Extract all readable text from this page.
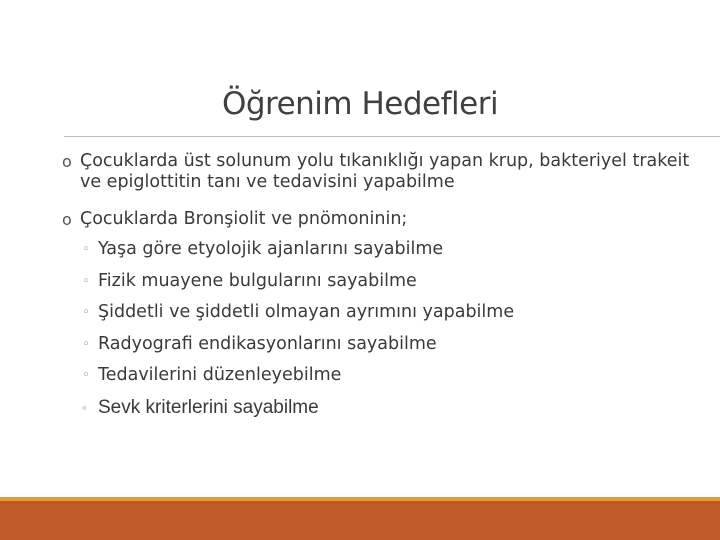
Öğrenim Hedefleri
o Çocuklarda üst solunum yolu tıkanıklığı yapan krup, bakteriyel trakeit ve epiglottitin tanı ve tedavisini yapabilme
o Çocuklarda Bronşiolit ve pnömoninin;
◦ Yaşa göre etyolojik ajanlarını sayabilme
◦ Fizik muayene bulgularını sayabilme
◦ Şiddetli ve şiddetli olmayan ayrımını yapabilme
◦ Radyografi endikasyonlarını sayabilme
◦ Tedavilerini düzenleyebilme
◦ Sevk kriterlerini sayabilme
